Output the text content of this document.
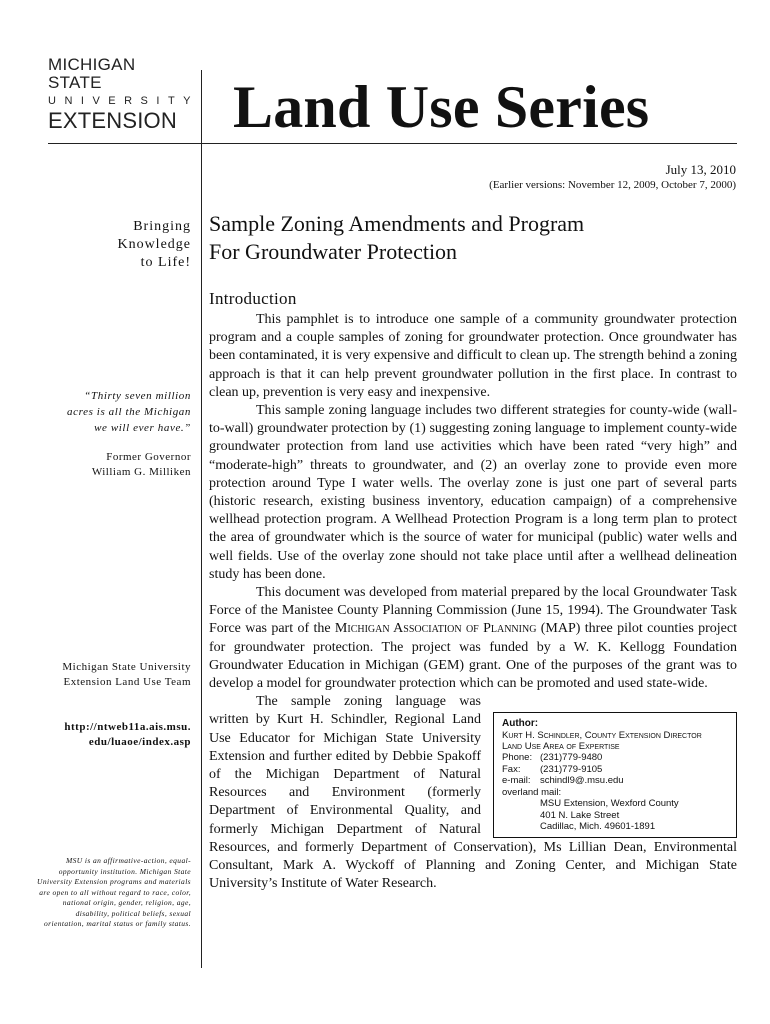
MICHIGAN STATE
UNIVERSITY
EXTENSION Land Use Series
July 13, 2010
(Earlier versions: November 12, 2009, October 7, 2000)
Bringing
Knowledge
to Life!
“Thirty seven million
acres is all the Michigan
we will ever have.”
Former Governor
William G. Milliken
Michigan State University
Extension Land Use Team
http://ntweb11a.ais.msu.
edu/luaoe/index.asp
MSU is an affirmative-action, equal-
opportunity institution. Michigan State
University Extension programs and materials
are open to all without regard to race, color,
national origin, gender, religion, age,
disability, political beliefs, sexual
orientation, marital status or family status.
Sample Zoning Amendments and Program
For Groundwater Protection
Introduction

This pamphlet is to introduce one sample of a community groundwater protection program and a couple samples of zoning for groundwater protection. Once groundwater has been contaminated, it is very expensive and difficult to clean up. The strength behind a zoning approach is that it can help prevent groundwater pollution in the first place. In contrast to clean up, prevention is very easy and inexpensive.

This sample zoning language includes two different strategies for county-wide (wall-to-wall) groundwater protection by (1) suggesting zoning language to implement county-wide groundwater protection from land use activities which have been rated “very high” and “moderate-high” threats to groundwater, and (2) an overlay zone to provide even more protection around Type I water wells. The overlay zone is just one part of several parts (historic research, existing business inventory, education campaign) of a comprehensive wellhead protection program. A Wellhead Protection Program is a long term plan to protect the area of groundwater which is the source of water for municipal (public) water wells and well fields. Use of the overlay zone should not take place until after a wellhead delineation study has been done.

This document was developed from material prepared by the local Groundwater Task Force of the Manistee County Planning Commission (June 15, 1994). The Groundwater Task Force was part of the Michigan Association of Planning (MAP) three pilot counties project for groundwater protection. The project was funded by a W. K. Kellogg Foundation Groundwater Education in Michigan (GEM) grant. One of the purposes of the grant was to develop a model for groundwater protection which can be promoted and used state-wide.

Author:
Kurt H. Schindler, County Extension Director
Land Use Area of Expertise
Phone: (231)779-9480
Fax:	(231)779-9105
e-mail: schindl9@.msu.edu
overland mail:
MSU Extension, Wexford County
401 N. Lake Street
Cadillac, Mich. 49601-1891
The sample zoning language was written by Kurt H. Schindler, Regional Land Use Educator for Michigan State University Extension and further edited by Debbie Spakoff of the Michigan Department of Natural Resources and Environment (formerly Department of Environmental Quality, and formerly Michigan Department of Natural Resources, and formerly Department of Conservation), Ms Lillian Dean, Environmental Consultant, Mark A. Wyckoff of Planning and Zoning Center, and Michigan State University’s Institute of Water Research.
